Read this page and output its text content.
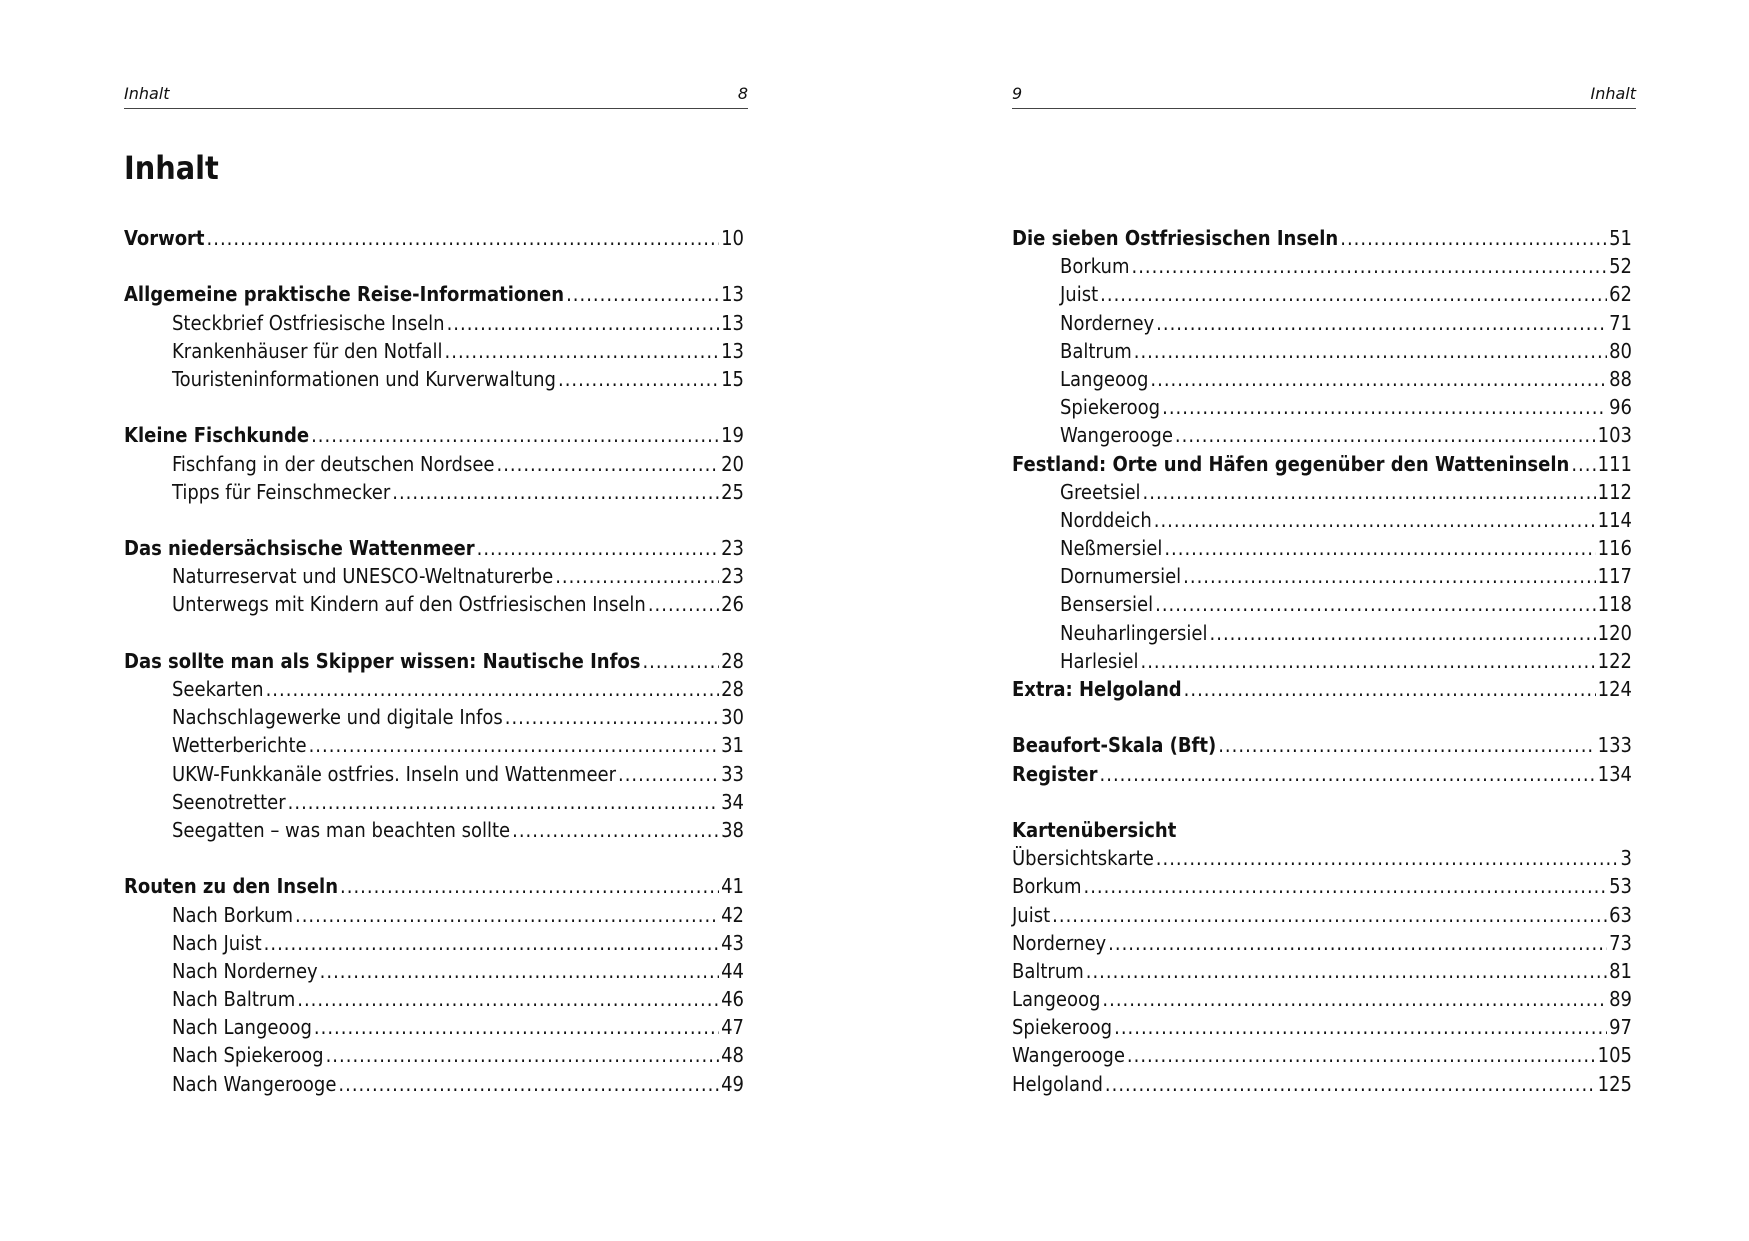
Inhalt	8
Inhalt
Vorwort .....	10
Allgemeine praktische Reise-Informationen .....	13
Steckbrief Ostfriesische Inseln .....	13
Krankenhäuser für den Notfall .....	13
Touristeninformationen und Kurverwaltung .....	15
Kleine Fischkunde .....	19
Fischfang in der deutschen Nordsee .....	20
Tipps für Feinschmecker .....	25
Das niedersächsische Wattenmeer .....	23
Naturreservat und UNESCO-Weltnaturerbe .....	23
Unterwegs mit Kindern auf den Ostfriesischen Inseln .....	26
Das sollte man als Skipper wissen: Nautische Infos .....	28
Seekarten .....	28
Nachschlagewerke und digitale Infos .....	30
Wetterberichte .....	31
UKW-Funkkanäle ostfries. Inseln und Wattenmeer .....	33
Seenotretter .....	34
Seegatten – was man beachten sollte .....	38
Routen zu den Inseln .....	41
Nach Borkum .....	42
Nach Juist .....	43
Nach Norderney .....	44
Nach Baltrum .....	46
Nach Langeoog .....	47
Nach Spiekeroog .....	48
Nach Wangerooge .....	49
9	Inhalt
Die sieben Ostfriesischen Inseln .....	51
Borkum .....	52
Juist .....	62
Norderney .....	71
Baltrum .....	80
Langeoog .....	88
Spiekeroog .....	96
Wangerooge .....	103
Festland: Orte und Häfen gegenüber den Watteninseln ..... 111
Greetsiel .....	112
Norddeich .....	114
Neßmersiel .....	116
Dornumersiel .....	117
Bensersiel .....	118
Neuharlingersiel .....	120
Harlesiel .....	122
Extra: Helgoland .....	124
Beaufort-Skala (Bft) .....	133
Register .....	134
Kartenübersicht
Übersichtskarte .....	3
Borkum .....	53
Juist .....	63
Norderney .....	73
Baltrum .....	81
Langeoog .....	89
Spiekeroog .....	97
Wangerooge .....	105
Helgoland .....	125
